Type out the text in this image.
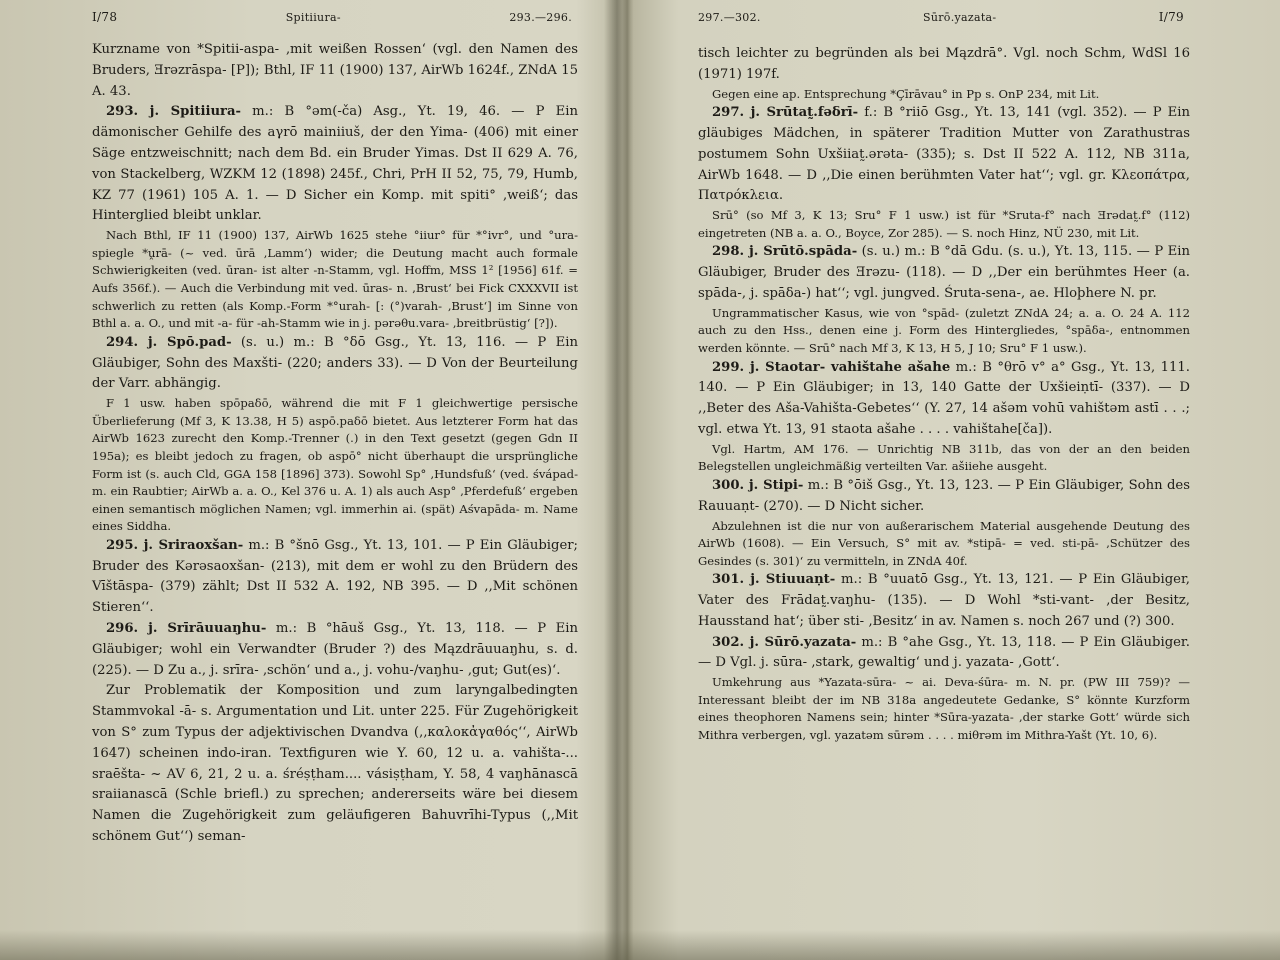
I/78	Spitiiura-	293.—296.

Kurzname von *Spitii-aspa- ‚mit weißen Rossen‘ (vgl. den Namen des Bruders, Ǝrəzrāspa- [P]); Bthl, IF 11 (1900) 137, AirWb 1624f., ZNdA 15 A. 43.

293. j. Spitiiura- m.: B °əm(-ča) Asg., Yt. 19, 46. — P Ein dämonischer Gehilfe des aγrō mainiiuš, der den Yima- (406) mit einer Säge entzweischnitt; nach dem Bd. ein Bruder Yimas. Dst II 629 A. 76, von Stackelberg, WZKM 12 (1898) 245f., Chri, PrH II 52, 75, 79, Humb, KZ 77 (1961) 105 A. 1. — D Sicher ein Komp. mit spiti° ‚weiß‘; das Hinterglied bleibt unklar.

Nach Bthl, IF 11 (1900) 137, AirWb 1625 stehe °iiur° für *°ivr°, und °ura- spiegle *ṷrā- (~ ved. ūrā ‚Lamm‘) wider; die Deutung macht auch formale Schwierigkeiten (ved. ūran- ist alter -n-Stamm, vgl. Hoffm, MSS 1² [1956] 61f. = Aufs 356f.). — Auch die Verbindung mit ved. ūras- n. ‚Brust‘ bei Fick CXXXVII ist schwerlich zu retten (als Komp.-Form *°urah- [: (°)varah- ‚Brust‘] im Sinne von Bthl a. a. O., und mit -a- für -ah-Stamm wie in j. pərəθu.vara- ‚breitbrüstig‘ [?]).

294. j. Spō.pad- (s. u.) m.: B °δō Gsg., Yt. 13, 116. — P Ein Gläubiger, Sohn des Maxšti- (220; anders 33). — D Von der Beurteilung der Varr. abhängig.

F 1 usw. haben spōpaδō, während die mit F 1 gleichwertige persische Überlieferung (Mf 3, K 13.38, H 5) aspō.paδō bietet. Aus letzterer Form hat das AirWb 1623 zurecht den Komp.-Trenner (.) in den Text gesetzt (gegen Gdn II 195a); es bleibt jedoch zu fragen, ob aspō° nicht überhaupt die ursprüngliche Form ist (s. auch Cld, GGA 158 [1896] 373). Sowohl Sp° ‚Hundsfuß‘ (ved. śvápad- m. ein Raubtier; AirWb a. a. O., Kel 376 u. A. 1) als auch Asp° ‚Pferdefuß‘ ergeben einen semantisch möglichen Namen; vgl. immerhin ai. (spät) Aśvapāda- m. Name eines Siddha.

295. j. Sriraoxšan- m.: B °šnō Gsg., Yt. 13, 101. — P Ein Gläubiger; Bruder des Kərəsaoxšan- (213), mit dem er wohl zu den Brüdern des Vīštāspa- (379) zählt; Dst II 532 A. 192, NB 395. — D ‚‚Mit schönen Stieren‘‘.

296. j. Srīrāuuaŋhu- m.: B °hāuš Gsg., Yt. 13, 118. — P Ein Gläubiger; wohl ein Verwandter (Bruder ?) des Mązdrāuuaŋhu, s. d. (225). — D Zu a., j. srīra- ‚schön‘ und a., j. vohu-/vaŋhu- ‚gut; Gut(es)‘.

Zur Problematik der Komposition und zum laryngalbedingten Stammvokal -ā- s. Argumentation und Lit. unter 225. Für Zugehörigkeit von S° zum Typus der adjektivischen Dvandva (‚‚καλοκἀγαθός‘‘, AirWb 1647) scheinen indo-iran. Textfiguren wie Y. 60, 12 u. a. vahišta-... sraēšta- ~ AV 6, 21, 2 u. a. śréṣṭham.... vásiṣṭham, Y. 58, 4 vaŋhānascā sraiianascā (Schle briefl.) zu sprechen; andererseits wäre bei diesem Namen die Zugehörigkeit zum geläufigeren Bahuvrīhi-Typus (‚‚Mit schönem Gut‘‘) seman-

297.—302.	Sūrō.yazata-	I/79

tisch leichter zu begründen als bei Mązdrā°. Vgl. noch Schm, WdSl 16 (1971) 197f.

Gegen eine ap. Entsprechung *Çīrāvau° in Pp s. OnP 234, mit Lit.

297. j. Srūtat̰.fəδrī- f.: B °riiō Gsg., Yt. 13, 141 (vgl. 352). — P Ein gläubiges Mädchen, in späterer Tradition Mutter von Zarathustras postumem Sohn Uxšiiat̰.ərəta- (335); s. Dst II 522 A. 112, NB 311a, AirWb 1648. — D ‚‚Die einen berühmten Vater hat‘‘; vgl. gr. Κλεοπάτρα, Πατρόκλεια.

Srū° (so Mf 3, K 13; Sru° F 1 usw.) ist für *Sruta-f° nach Ǝrədat̰.f° (112) eingetreten (NB a. a. O., Boyce, Zor 285). — S. noch Hinz, NÜ 230, mit Lit.

298. j. Srūtō.spāda- (s. u.) m.: B °dā Gdu. (s. u.), Yt. 13, 115. — P Ein Gläubiger, Bruder des Ǝrəzu- (118). — D ‚‚Der ein berühmtes Heer (a. spāda-, j. spāδa-) hat‘‘; vgl. jungved. Śruta-sena-, ae. Hloþhere N. pr.

Ungrammatischer Kasus, wie von °spād- (zuletzt ZNdA 24; a. a. O. 24 A. 112 auch zu den Hss., denen eine j. Form des Hintergliedes, °spāδa-, entnommen werden könnte. — Srū° nach Mf 3, K 13, H 5, J 10; Sru° F 1 usw.).

299. j. Staotar- vahištahe ašahe m.: B °θrō v° a° Gsg., Yt. 13, 111. 140. — P Ein Gläubiger; in 13, 140 Gatte der Uxšieiṇtī- (337). — D ‚‚Beter des Aša-Vahišta-Gebetes‘‘ (Y. 27, 14 ašəm vohū vahištəm astī . . .; vgl. etwa Yt. 13, 91 staota ašahe . . . . vahištahe[ča]).

Vgl. Hartm, AM 176. — Unrichtig NB 311b, das von der an den beiden Belegstellen ungleichmäßig verteilten Var. ašiiehe ausgeht.

300. j. Stipi- m.: B °ōiš Gsg., Yt. 13, 123. — P Ein Gläubiger, Sohn des Rauuaṇt- (270). — D Nicht sicher.

Abzulehnen ist die nur von außerarischem Material ausgehende Deutung des AirWb (1608). — Ein Versuch, S° mit av. *stipā- = ved. sti-pā- ‚Schützer des Gesindes (s. 301)‘ zu vermitteln, in ZNdA 40f.

301. j. Stiuuaṇt- m.: B °uuatō Gsg., Yt. 13, 121. — P Ein Gläubiger, Vater des Frādat̰.vaŋhu- (135). — D Wohl *sti-vant- ‚der Besitz, Hausstand hat‘; über sti- ‚Besitz‘ in av. Namen s. noch 267 und (?) 300.

302. j. Sūrō.yazata- m.: B °ahe Gsg., Yt. 13, 118. — P Ein Gläubiger. — D Vgl. j. sūra- ‚stark, gewaltig‘ und j. yazata- ‚Gott‘.

Umkehrung aus *Yazata-sūra- ~ ai. Deva-śūra- m. N. pr. (PW III 759)? — Interessant bleibt der im NB 318a angedeutete Gedanke, S° könnte Kurzform eines theophoren Namens sein; hinter *Sūra-yazata- ‚der starke Gott‘ würde sich Mithra verbergen, vgl. yazatəm sūrəm . . . . miθrəm im Mithra-Yašt (Yt. 10, 6).
